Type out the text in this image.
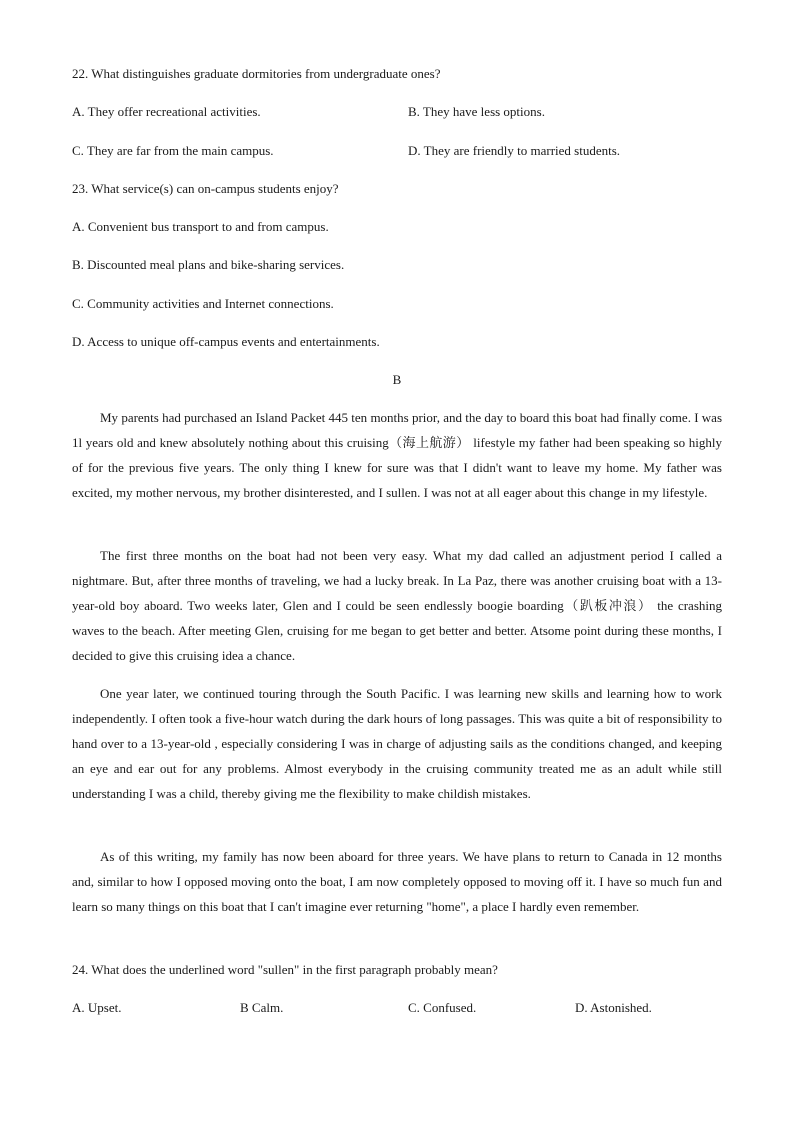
22. What distinguishes graduate dormitories from undergraduate ones?
A. They offer recreational activities.	B. They have less options.
C. They are far from the main campus.	D. They are friendly to married students.
23. What service(s) can on-campus students enjoy?
A. Convenient bus transport to and from campus.
B. Discounted meal plans and bike-sharing services.
C. Community activities and Internet connections.
D. Access to unique off-campus events and entertainments.
B

My parents had purchased an Island Packet 445 ten months prior, and the day to board this boat had finally come. I was 1l years old and knew absolutely nothing about this cruising（海上航游） lifestyle my father had been speaking so highly of for the previous five years. The only thing I knew for sure was that I didn't want to leave my home. My father was excited, my mother nervous, my brother disinterested, and I sullen. I was not at all eager about this change in my lifestyle.

The first three months on the boat had not been very easy. What my dad called an adjustment period I called a nightmare. But, after three months of traveling, we had a lucky break. In La Paz, there was another cruising boat with a 13-year-old boy aboard. Two weeks later, Glen and I could be seen endlessly boogie boarding（趴板冲浪） the crashing waves to the beach. After meeting Glen, cruising for me began to get better and better. Atsome point during these months, I decided to give this cruising idea a chance.

One year later, we continued touring through the South Pacific. I was learning new skills and learning how to work independently. I often took a five-hour watch during the dark hours of long passages. This was quite a bit of responsibility to hand over to a 13-year-old , especially considering I was in charge of adjusting sails as the conditions changed, and keeping an eye and ear out for any problems. Almost everybody in the cruising community treated me as an adult while still understanding I was a child, thereby giving me the flexibility to make childish mistakes.

As of this writing, my family has now been aboard for three years. We have plans to return to Canada in 12 months and, similar to how I opposed moving onto the boat, I am now completely opposed to moving off it. I have so much fun and learn so many things on this boat that I can't imagine ever returning "home", a place I hardly even remember.

24. What does the underlined word "sullen" in the first paragraph probably mean?
A. Upset.	B Calm.	C. Confused.	D. Astonished.
